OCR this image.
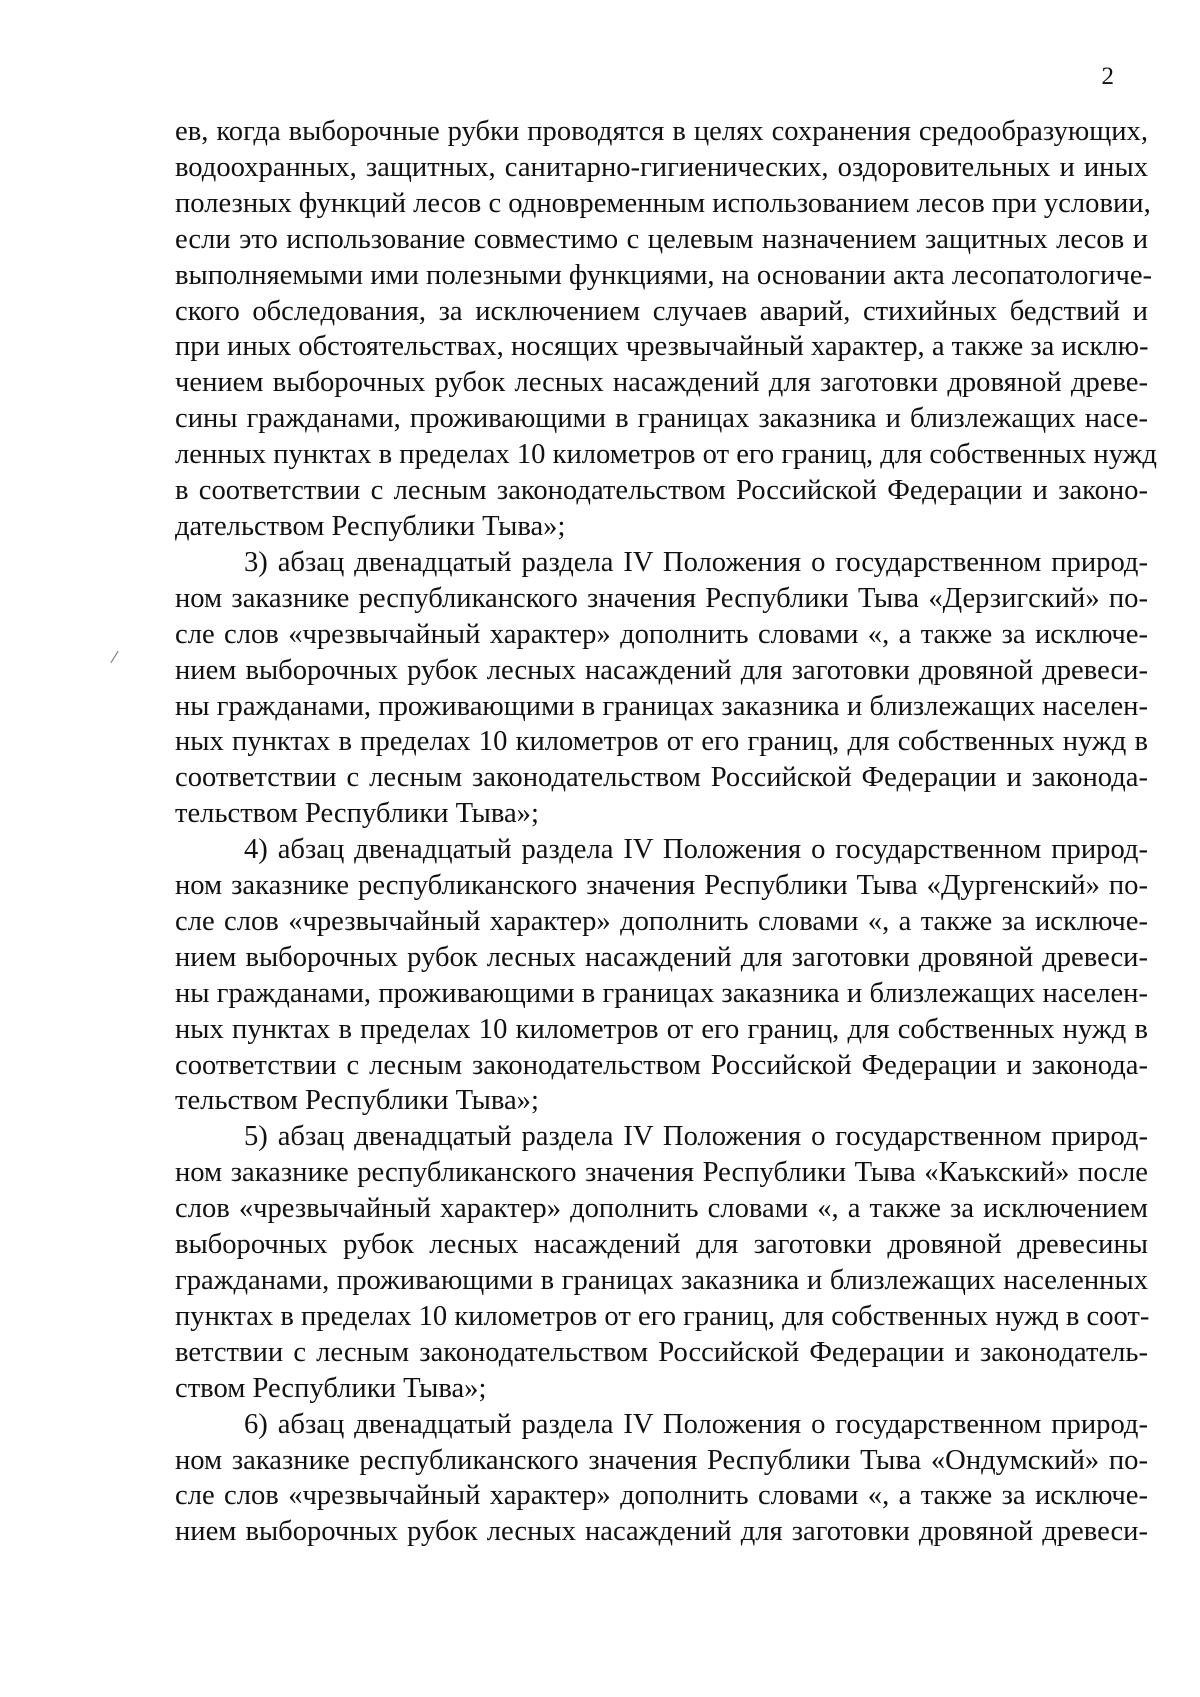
2
ев, когда выборочные рубки проводятся в целях сохранения средообразующих,
водоохранных, защитных, санитарно-гигиенических, оздоровительных и иных
полезных функций лесов с одновременным использованием лесов при условии,
если это использование совместимо с целевым назначением защитных лесов и
выполняемыми ими полезными функциями, на основании акта лесопатологиче-
ского обследования, за исключением случаев аварий, стихийных бедствий и
при иных обстоятельствах, носящих чрезвычайный характер, а также за исклю-
чением выборочных рубок лесных насаждений для заготовки дровяной древе-
сины гражданами, проживающими в границах заказника и близлежащих насе-
ленных пунктах в пределах 10 километров от его границ, для собственных нужд
в соответствии с лесным законодательством Российской Федерации и законо-
дательством Республики Тыва»;
3) абзац двенадцатый раздела IV Положения о государственном природ-
ном заказнике республиканского значения Республики Тыва «Дерзигский» по-
сле слов «чрезвычайный характер» дополнить словами «, а также за исключе-
нием выборочных рубок лесных насаждений для заготовки дровяной древеси-
ны гражданами, проживающими в границах заказника и близлежащих населен-
ных пунктах в пределах 10 километров от его границ, для собственных нужд в
соответствии с лесным законодательством Российской Федерации и законода-
тельством Республики Тыва»;
4) абзац двенадцатый раздела IV Положения о государственном природ-
ном заказнике республиканского значения Республики Тыва «Дургенский» по-
сле слов «чрезвычайный характер» дополнить словами «, а также за исключе-
нием выборочных рубок лесных насаждений для заготовки дровяной древеси-
ны гражданами, проживающими в границах заказника и близлежащих населен-
ных пунктах в пределах 10 километров от его границ, для собственных нужд в
соответствии с лесным законодательством Российской Федерации и законода-
тельством Республики Тыва»;
5) абзац двенадцатый раздела IV Положения о государственном природ-
ном заказнике республиканского значения Республики Тыва «Каъкский» после
слов «чрезвычайный характер» дополнить словами «, а также за исключением
выборочных рубок лесных насаждений для заготовки дровяной древесины
гражданами, проживающими в границах заказника и близлежащих населенных
пунктах в пределах 10 километров от его границ, для собственных нужд в соот-
ветствии с лесным законодательством Российской Федерации и законодатель-
ством Республики Тыва»;
6) абзац двенадцатый раздела IV Положения о государственном природ-
ном заказнике республиканского значения Республики Тыва «Ондумский» по-
сле слов «чрезвычайный характер» дополнить словами «, а также за исключе-
нием выборочных рубок лесных насаждений для заготовки дровяной древеси-
